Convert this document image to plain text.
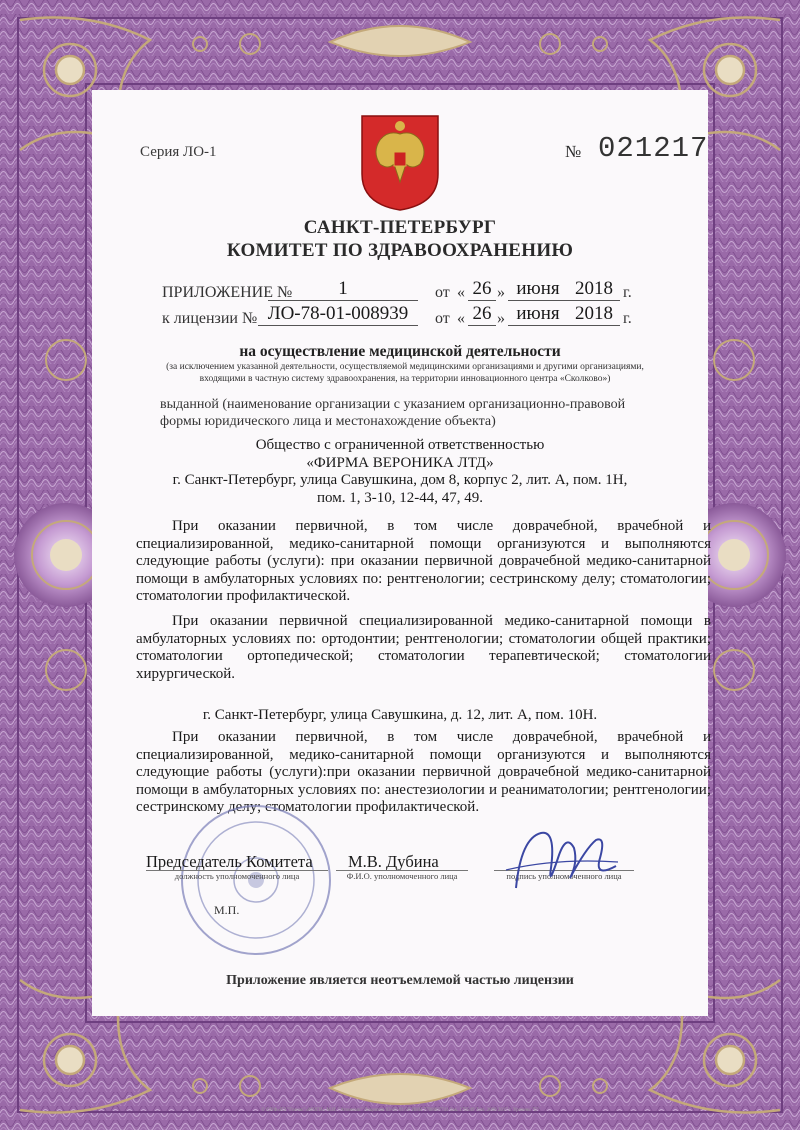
Серия ЛО-1	№ 021217
САНКТ-ПЕТЕРБУРГ
КОМИТЕТ ПО ЗДРАВООХРАНЕНИЮ
ПРИЛОЖЕНИЕ №	1	от « 26 » июня 2018 г.
к лицензии № ЛО-78-01-008939	от « 26 » июня 2018 г.
на осуществление медицинской деятельности
(за исключением указанной деятельности, осуществляемой медицинскими организациями и другими организациями, входящими в частную систему здравоохранения, на территории инновационного центра «Сколково»)
выданной (наименование организации с указанием организационно-правовой формы юридического лица и местонахождение объекта)
Общество с ограниченной ответственностью
«ФИРМА ВЕРОНИКА ЛТД»
г. Санкт-Петербург, улица Савушкина, дом 8, корпус 2, лит. А, пом. 1Н,
пом. 1, 3-10, 12-44, 47, 49.
При оказании первичной, в том числе доврачебной, врачебной и специализированной, медико-санитарной помощи организуются и выполняются следующие работы (услуги): при оказании первичной доврачебной медико-санитарной помощи в амбулаторных условиях по: рентгенологии; сестринскому делу; стоматологии; стоматологии профилактической.
При оказании первичной специализированной медико-санитарной помощи в амбулаторных условиях по: ортодонтии; рентгенологии; стоматологии общей практики; стоматологии ортопедической; стоматологии терапевтической; стоматологии хирургической.
г. Санкт-Петербург, улица Савушкина, д. 12, лит. А, пом. 10Н.
При оказании первичной, в том числе доврачебной, врачебной и специализированной, медико-санитарной помощи организуются и выполняются следующие работы (услуги):при оказании первичной доврачебной медико-санитарной помощи в амбулаторных условиях по: анестезиологии и реаниматологии; рентгенологии; сестринскому делу; стоматологии профилактической.
Председатель Комитета М.В. Дубина
должность уполномоченного лица	Ф.И.О. уполномоченного лица	подпись уполномоченного лица
М.П.
Приложение является неотъемлемой частью лицензии
© ОПФ«ПЗ "Гознак"«МОГИ» М.И. "Атоммаш" Лицензия 03-05-01/50 ИНН 7708007741 Зак. 170549 Тип. 2000 2017 г. Уровень "Б"
